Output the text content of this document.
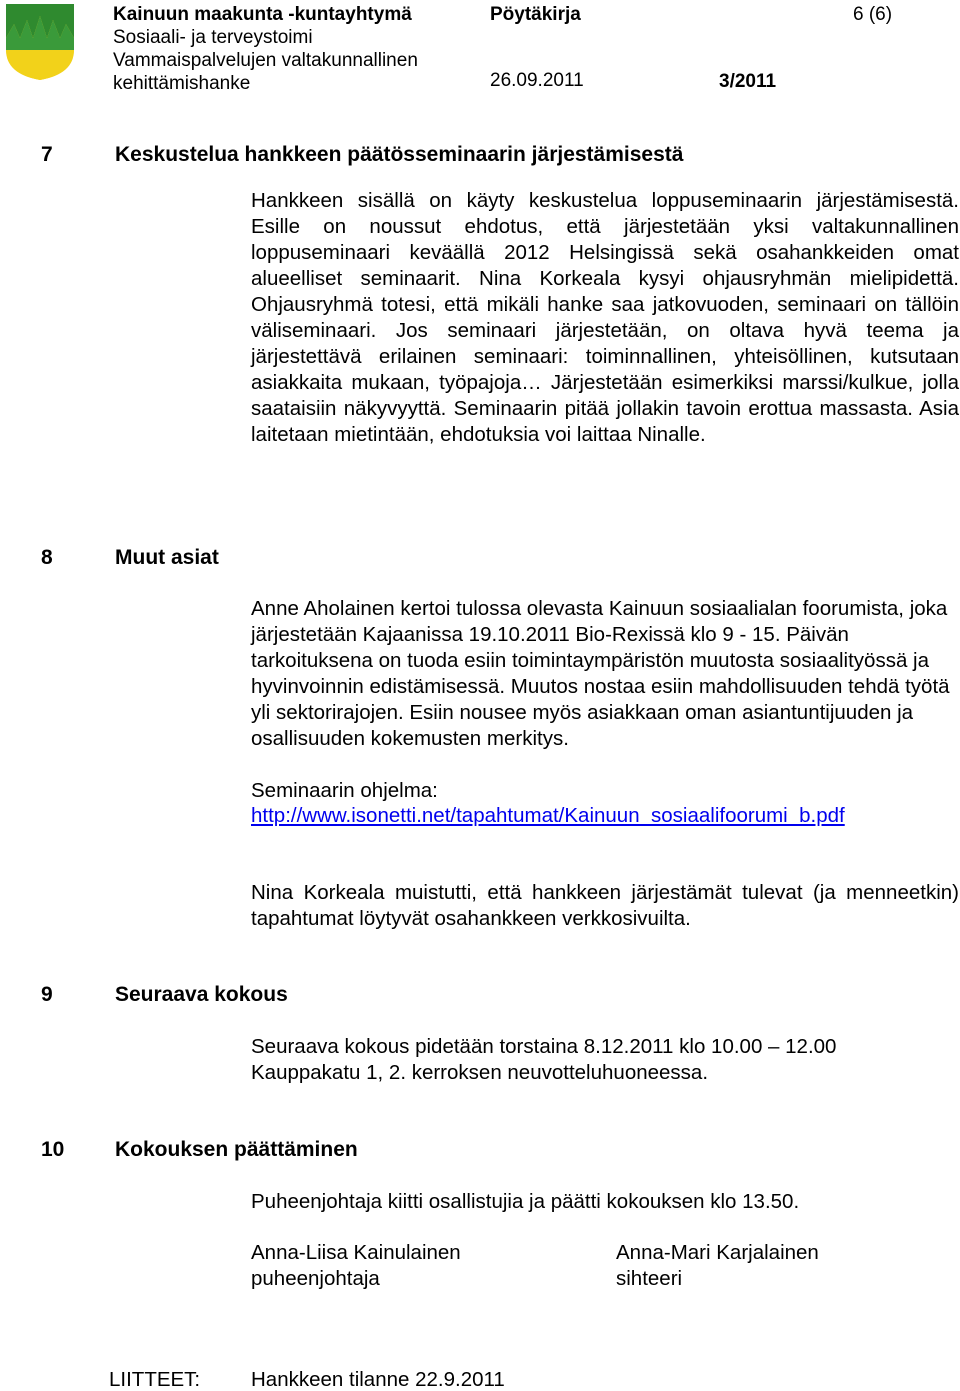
Kainuun maakunta -kuntayhtymä
Sosiaali- ja terveystoimi
Vammaispalvelujen valtakunnallinen
kehittämishanke
Pöytäkirja	6 (6)
26.09.2011	3/2011
7	Keskustelua hankkeen päätösseminaarin järjestämisestä

Hankkeen sisällä on käyty keskustelua loppuseminaarin järjestämisestä. Esille on noussut ehdotus, että järjestetään yksi valtakunnallinen loppuseminaari keväällä 2012 Helsingissä sekä osahankkeiden omat alueelliset seminaarit. Nina Korkeala kysyi ohjausryhmän mielipidettä. Ohjausryhmä totesi, että mikäli hanke saa jatkovuoden, seminaari on tällöin väliseminaari. Jos seminaari järjestetään, on oltava hyvä teema ja järjestettävä erilainen seminaari: toiminnallinen, yhteisöllinen, kutsutaan asiakkaita mukaan, työpajoja… Järjestetään esimerkiksi marssi/kulkue, jolla saataisiin näkyvyyttä. Seminaarin pitää jollakin tavoin erottua massasta. Asia laitetaan mietintään, ehdotuksia voi laittaa Ninalle.

8	Muut asiat

Anne Aholainen kertoi tulossa olevasta Kainuun sosiaalialan foorumista, joka järjestetään Kajaanissa 19.10.2011 Bio-Rexissä klo 9 - 15. Päivän tarkoituksena on tuoda esiin toimintaympäristön muutosta sosiaalityössä ja hyvinvoinnin edistämisessä. Muutos nostaa esiin mahdollisuuden tehdä työtä yli sektorirajojen. Esiin nousee myös asiakkaan oman asiantuntijuuden ja osallisuuden kokemusten merkitys.

Seminaarin ohjelma:
http://www.isonetti.net/tapahtumat/Kainuun_sosiaalifoorumi_b.pdf

Nina Korkeala muistutti, että hankkeen järjestämät tulevat (ja menneetkin) tapahtumat löytyvät osahankkeen verkkosivuilta.

9	Seuraava kokous
Seuraava kokous pidetään torstaina 8.12.2011 klo 10.00 – 12.00
Kauppakatu 1, 2. kerroksen neuvotteluhuoneessa.
10 Kokouksen päättäminen
Puheenjohtaja kiitti osallistujia ja päätti kokouksen klo 13.50.
Anna-Liisa Kainulainen
puheenjohtaja
Anna-Mari Karjalainen
sihteeri
LIITTEET: Hankkeen tilanne 22.9.2011
